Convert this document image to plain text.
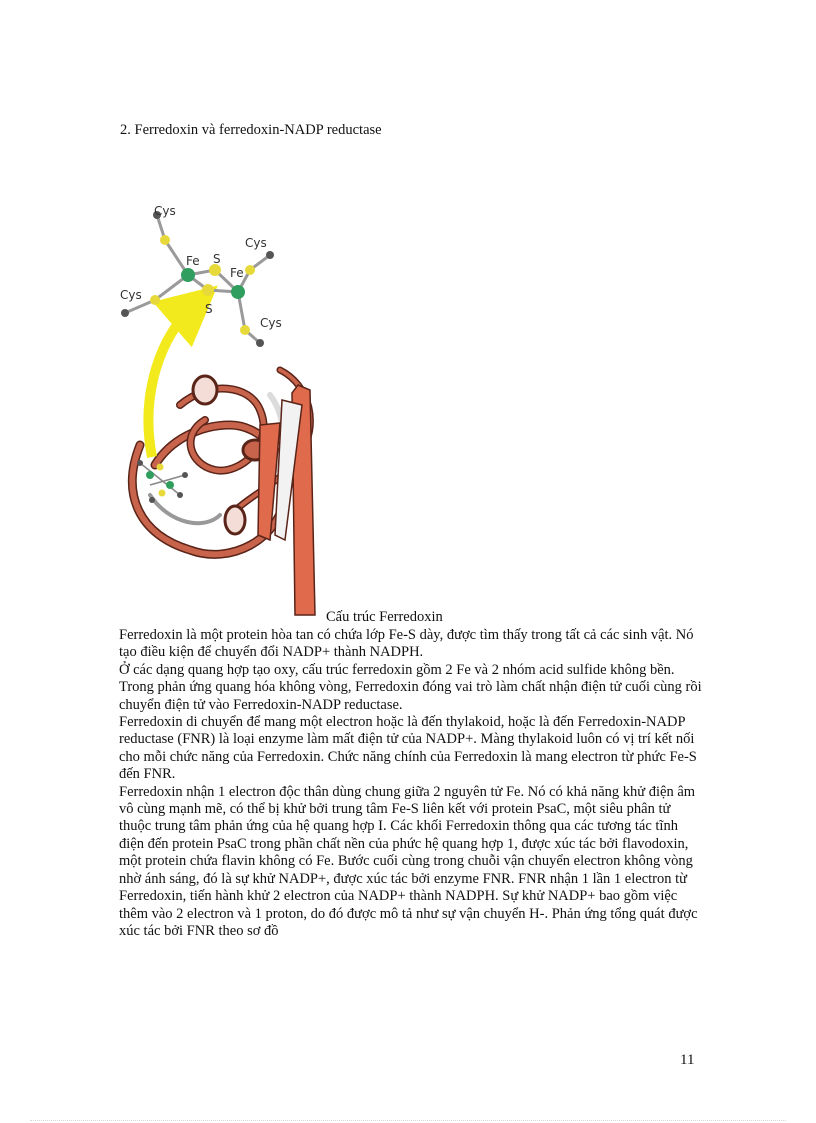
2. Ferredoxin và ferredoxin-NADP reductase
Cys
Cys
Cys
Cys
Fe
Fe
S
S
Cấu trúc Ferredoxin

Ferredoxin là một protein hòa tan có chứa lớp Fe-S dày, được tìm thấy trong tất cả các sinh vật. Nó tạo điều kiện để chuyển đổi NADP+ thành NADPH.

Ở các dạng quang hợp tạo oxy, cấu trúc ferredoxin gồm 2 Fe và 2 nhóm acid sulfide không bền.

Trong phản ứng quang hóa không vòng, Ferredoxin đóng vai trò làm chất nhận điện tử cuối cùng rồi chuyển điện tử vào Ferredoxin-NADP reductase.

Ferredoxin di chuyển để mang một electron hoặc là đến thylakoid, hoặc là đến Ferredoxin-NADP reductase (FNR) là loại enzyme làm mất điện tử của NADP+. Màng thylakoid luôn có vị trí kết nối cho mỗi chức năng của Ferredoxin. Chức năng chính của Ferredoxin là mang electron từ phức Fe-S đến FNR.

Ferredoxin nhận 1 electron độc thân dùng chung giữa 2 nguyên tử Fe. Nó có khả năng khử điện âm vô cùng mạnh mẽ, có thể bị khử bởi trung tâm Fe-S liên kết với protein PsaC, một siêu phân tử thuộc trung tâm phản ứng của hệ quang hợp I. Các khối Ferredoxin thông qua các tương tác tĩnh điện đến protein PsaC trong phần chất nền của phức hệ quang hợp 1, được xúc tác bởi flavodoxin, một protein chứa flavin không có Fe. Bước cuối cùng trong chuỗi vận chuyển electron không vòng nhờ ánh sáng, đó là sự khử NADP+, được xúc tác bởi enzyme FNR. FNR nhận 1 lần 1 electron từ Ferredoxin, tiến hành khử 2 electron của NADP+ thành NADPH. Sự khử NADP+ bao gồm việc thêm vào 2 electron và 1 proton, do đó được mô tả như sự vận chuyển H-. Phản ứng tổng quát được xúc tác bởi FNR theo sơ đồ

11
